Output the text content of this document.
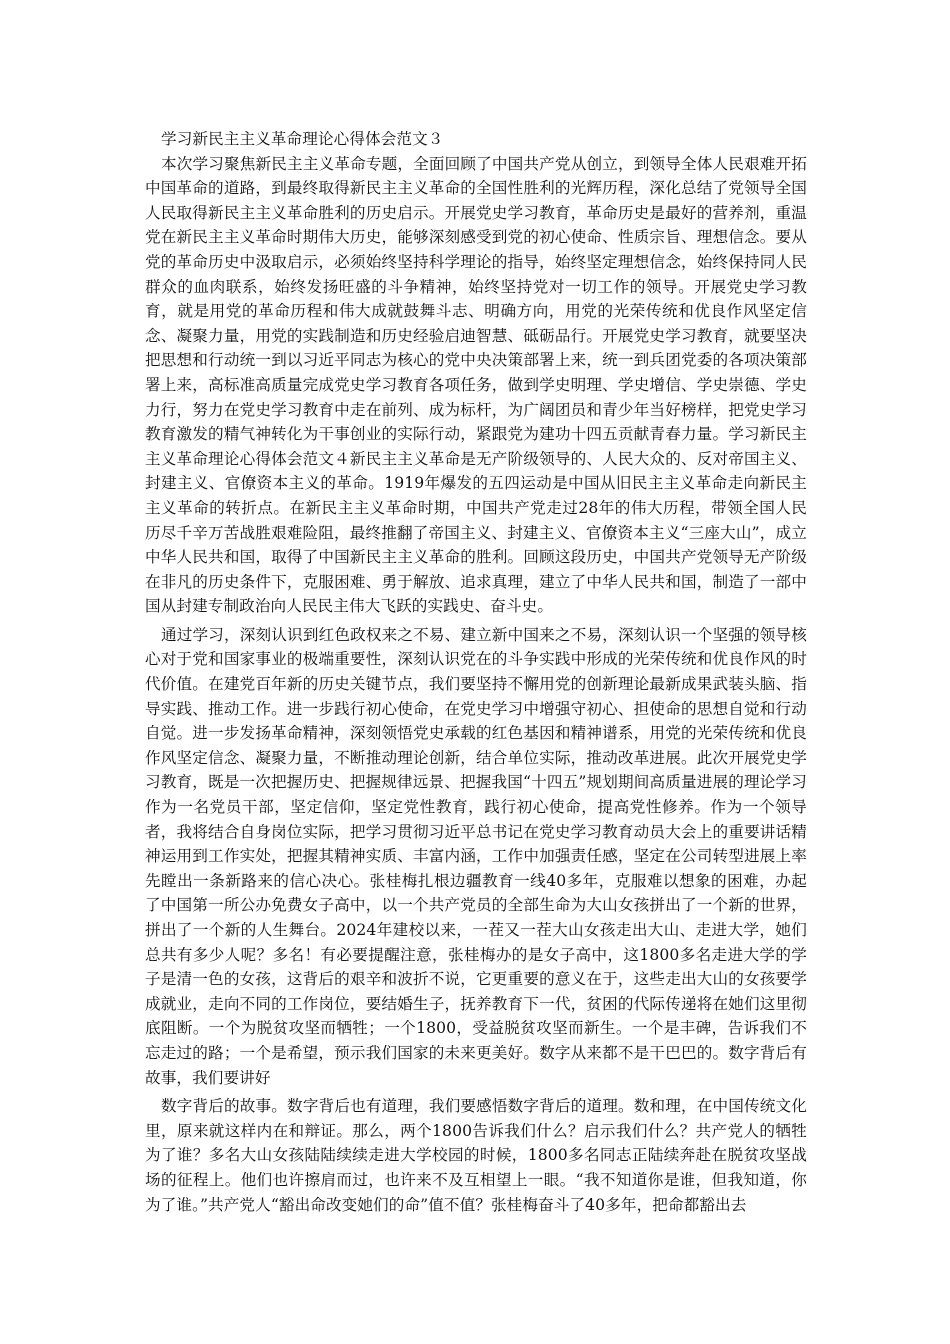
学习新民主主义革命理论心得体会范文３

本次学习聚焦新民主主义革命专题，全面回顾了中国共产党从创立，到领导全体人民艰难开拓中国革命的道路，到最终取得新民主主义革命的全国性胜利的光辉历程，深化总结了党领导全国人民取得新民主主义革命胜利的历史启示。开展党史学习教育，革命历史是最好的营养剂，重温党在新民主主义革命时期伟大历史，能够深刻感受到党的初心使命、性质宗旨、理想信念。要从党的革命历史中汲取启示，必须始终坚持科学理论的指导，始终坚定理想信念，始终保持同人民群众的血肉联系，始终发扬旺盛的斗争精神，始终坚持党对一切工作的领导。开展党史学习教育，就是用党的革命历程和伟大成就鼓舞斗志、明确方向，用党的光荣传统和优良作风坚定信念、凝聚力量，用党的实践制造和历史经验启迪智慧、砥砺品行。开展党史学习教育，就要坚决把思想和行动统一到以习近平同志为核心的党中央决策部署上来，统一到兵团党委的各项决策部署上来，高标准高质量完成党史学习教育各项任务，做到学史明理、学史增信、学史崇德、学史力行，努力在党史学习教育中走在前列、成为标杆，为广阔团员和青少年当好榜样，把党史学习教育激发的精气神转化为干事创业的实际行动，紧跟党为建功十四五贡献青春力量。学习新民主主义革命理论心得体会范文４新民主主义革命是无产阶级领导的、人民大众的、反对帝国主义、封建主义、官僚资本主义的革命。1919年爆发的五四运动是中国从旧民主主义革命走向新民主主义革命的转折点。在新民主主义革命时期，中国共产党走过28年的伟大历程，带领全国人民历尽千辛万苦战胜艰难险阻，最终推翻了帝国主义、封建主义、官僚资本主义“三座大山”，成立中华人民共和国，取得了中国新民主主义革命的胜利。回顾这段历史，中国共产党领导无产阶级在非凡的历史条件下，克服困难、勇于解放、追求真理，建立了中华人民共和国，制造了一部中国从封建专制政治向人民民主伟大飞跃的实践史、奋斗史。

通过学习，深刻认识到红色政权来之不易、建立新中国来之不易，深刻认识一个坚强的领导核心对于党和国家事业的极端重要性，深刻认识党在的斗争实践中形成的光荣传统和优良作风的时代价值。在建党百年新的历史关键节点，我们要坚持不懈用党的创新理论最新成果武装头脑、指导实践、推动工作。进一步践行初心使命，在党史学习中增强守初心、担使命的思想自觉和行动自觉。进一步发扬革命精神，深刻领悟党史承载的红色基因和精神谱系，用党的光荣传统和优良作风坚定信念、凝聚力量，不断推动理论创新，结合单位实际，推动改革进展。此次开展党史学习教育，既是一次把握历史、把握规律远景、把握我国“十四五”规划期间高质量进展的理论学习作为一名党员干部，坚定信仰，坚定党性教育，践行初心使命，提高党性修养。作为一个领导者，我将结合自身岗位实际，把学习贯彻习近平总书记在党史学习教育动员大会上的重要讲话精神运用到工作实处，把握其精神实质、丰富内涵，工作中加强责任感，坚定在公司转型进展上率先瞠出一条新路来的信心决心。张桂梅扎根边疆教育一线40多年，克服难以想象的困难，办起了中国第一所公办免费女子高中，以一个共产党员的全部生命为大山女孩拼出了一个新的世界，拼出了一个新的人生舞台。2024年建校以来，一茬又一茬大山女孩走出大山、走进大学，她们总共有多少人呢？多名！有必要提醒注意，张桂梅办的是女子高中，这1800多名走进大学的学子是清一色的女孩，这背后的艰辛和波折不说，它更重要的意义在于，这些走出大山的女孩要学成就业，走向不同的工作岗位，要结婚生子，抚养教育下一代，贫困的代际传递将在她们这里彻底阻断。一个为脱贫攻坚而牺牲；一个1800，受益脱贫攻坚而新生。一个是丰碑，告诉我们不忘走过的路；一个是希望，预示我们国家的未来更美好。数字从来都不是干巴巴的。数字背后有故事，我们要讲好

数字背后的故事。数字背后也有道理，我们要感悟数字背后的道理。数和理，在中国传统文化里，原来就这样内在和辩证。那么，两个1800告诉我们什么？启示我们什么？共产党人的牺牲为了谁？多名大山女孩陆陆续续走进大学校园的时候，1800多名同志正陆续奔赴在脱贫攻坚战场的征程上。他们也许擦肩而过，也许来不及互相望上一眼。“我不知道你是谁，但我知道，你为了谁。”共产党人“豁出命改变她们的命”值不值？张桂梅奋斗了40多年，把命都豁出去
